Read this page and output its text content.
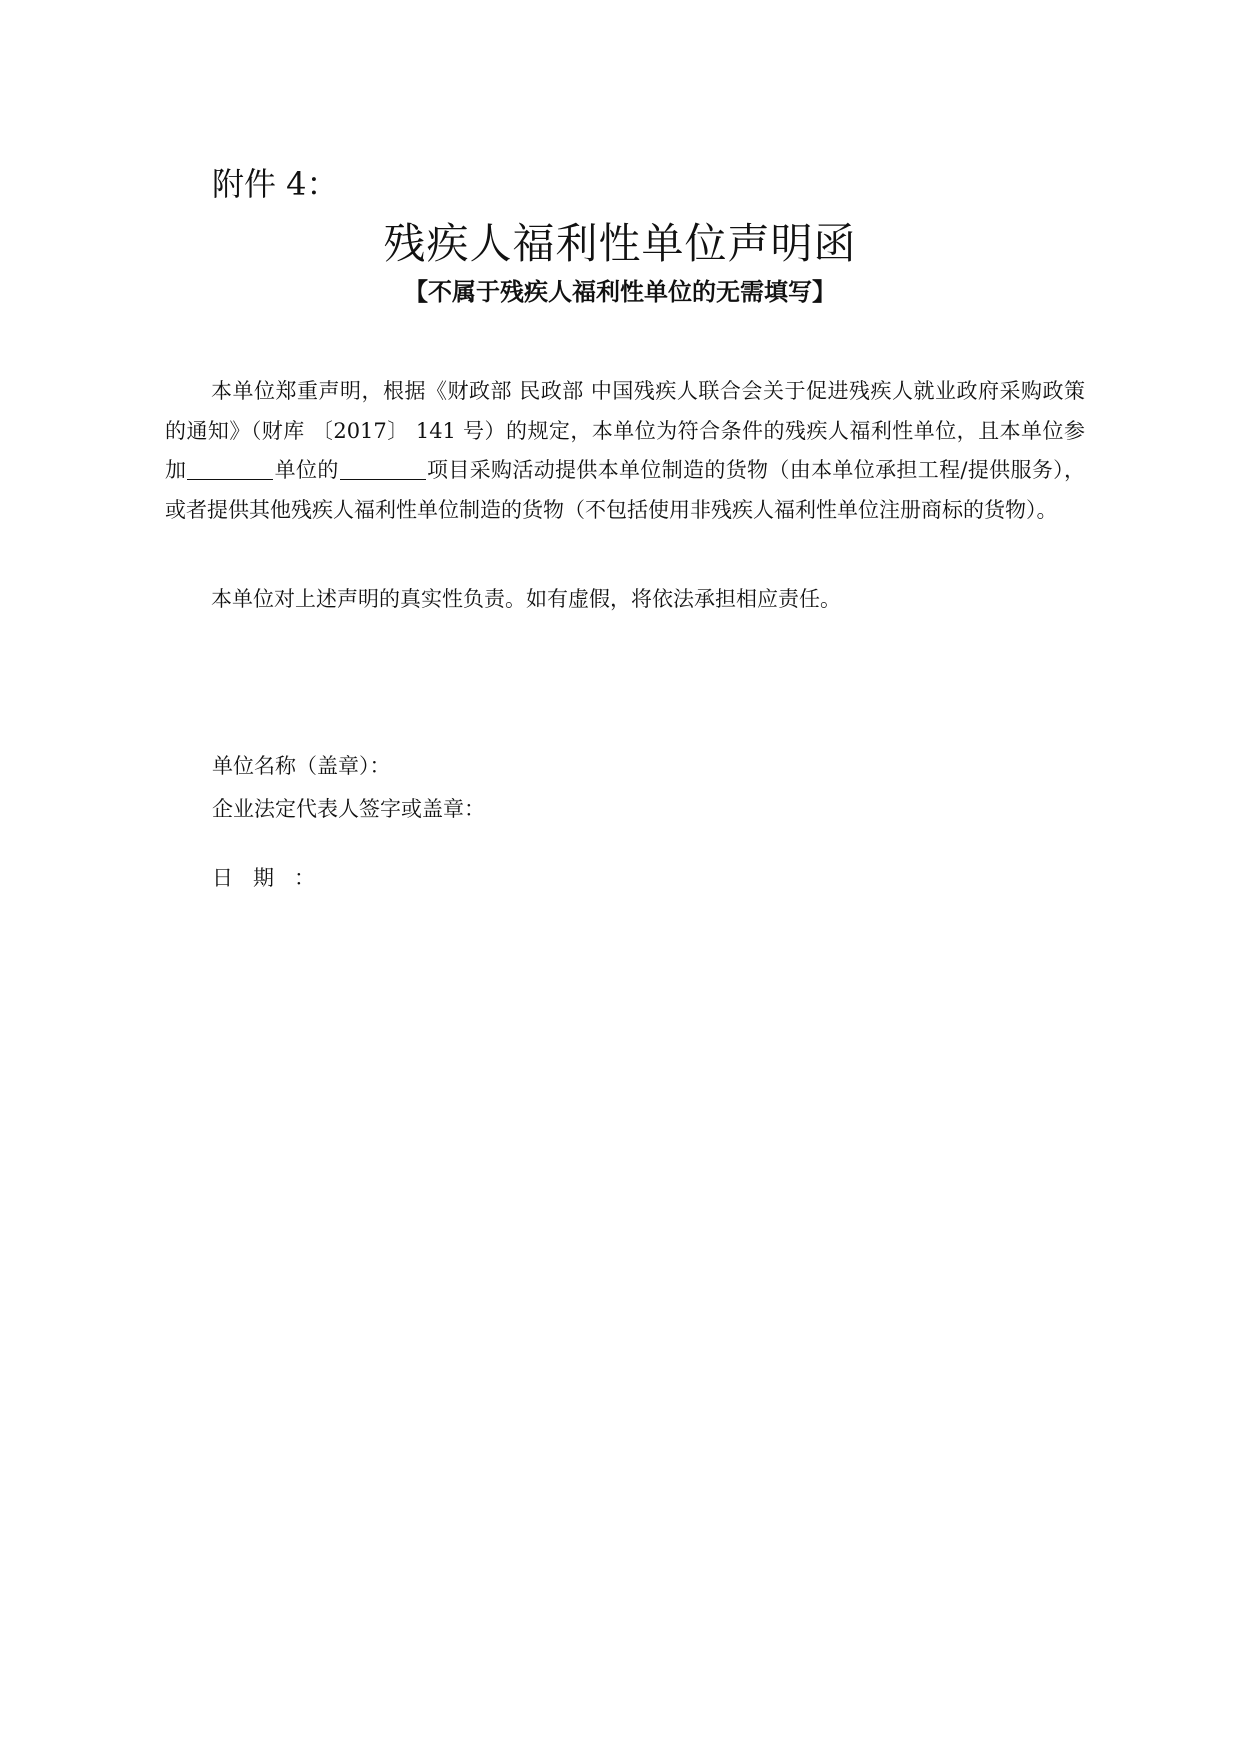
附件 4：
残疾人福利性单位声明函
【不属于残疾人福利性单位的无需填写】

本单位郑重声明，根据《财政部 民政部 中国残疾人联合会关于促进残疾人就业政府采购政策的通知》（财库 〔2017〕 141 号）的规定，本单位为符合条件的残疾人福利性单位，且本单位参加	单位的	项目采购活动提供本单位制造的货物（由本单位承担工程/提供服务），或者提供其他残疾人福利性单位制造的货物（不包括使用非残疾人福利性单位注册商标的货物）。

本单位对上述声明的真实性负责。如有虚假，将依法承担相应责任。

单位名称（盖章）：
企业法定代表人签字或盖章：
日期：
